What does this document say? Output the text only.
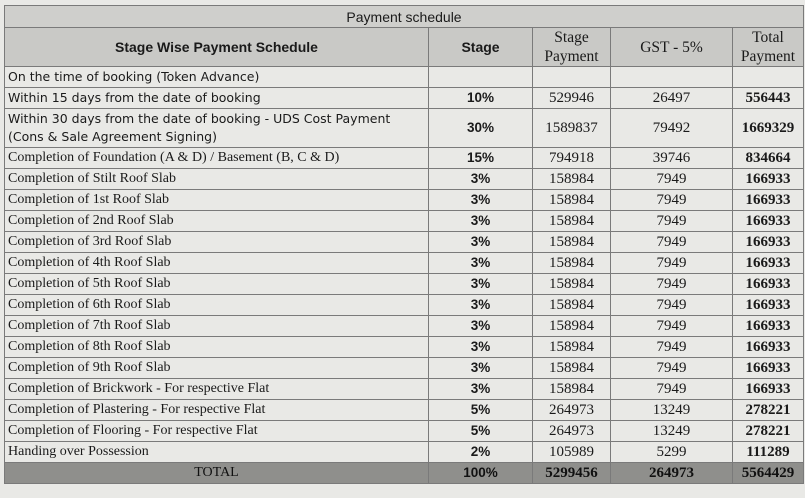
Payment schedule				
Stage Wise Payment Schedule	Stage	Stage Payment	GST - 5%	Total Payment
On the time of booking (Token Advance)				
Within 15 days from the date of booking	10%	529946	26497	556443
Within 30 days from the date of booking - UDS Cost Payment (Cons & Sale Agreement Signing)	30%	1589837	79492	1669329
Completion of Foundation (A & D) / Basement (B, C & D)	15%	794918	39746	834664
Completion of Stilt Roof Slab	3%	158984	7949	166933
Completion of 1st Roof Slab	3%	158984	7949	166933
Completion of 2nd Roof Slab	3%	158984	7949	166933
Completion of 3rd Roof Slab	3%	158984	7949	166933
Completion of 4th Roof Slab	3%	158984	7949	166933
Completion of 5th Roof Slab	3%	158984	7949	166933
Completion of 6th Roof Slab	3%	158984	7949	166933
Completion of 7th Roof Slab	3%	158984	7949	166933
Completion of 8th Roof Slab	3%	158984	7949	166933
Completion of 9th Roof Slab	3%	158984	7949	166933
Completion of Brickwork - For respective Flat	3%	158984	7949	166933
Completion of Plastering - For respective Flat	5%	264973	13249	278221
Completion of Flooring - For respective Flat	5%	264973	13249	278221
Handing over Possession	2%	105989	5299	111289
TOTAL	100%	5299456	264973	5564429
